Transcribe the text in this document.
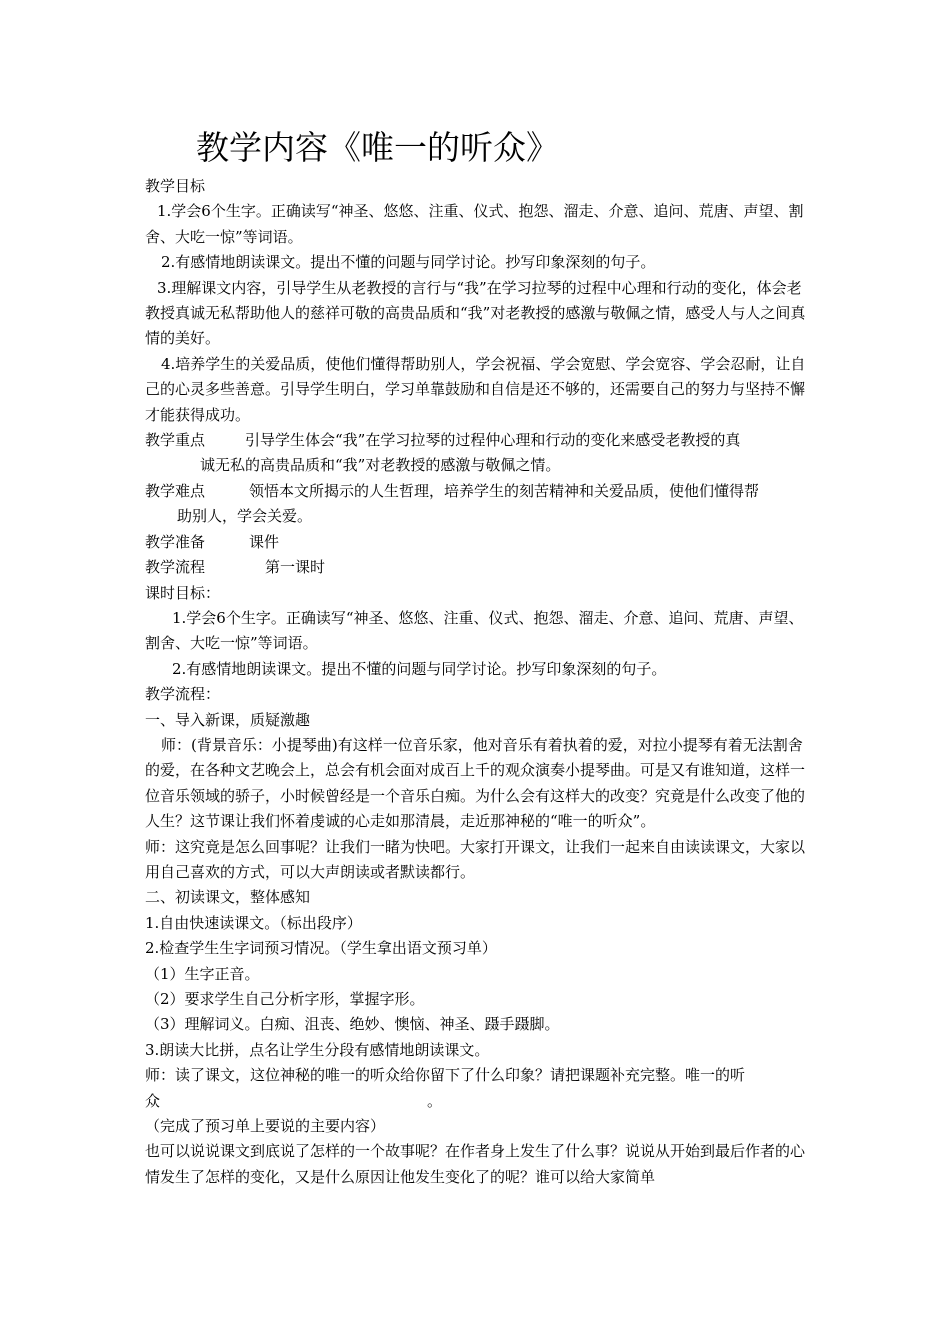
教学内容《唯一的听众》

教学目标

1.学会6个生字。正确读写“神圣、悠悠、注重、仪式、抱怨、溜走、介意、追问、荒唐、声望、割舍、大吃一惊”等词语。

2.有感情地朗读课文。提出不懂的问题与同学讨论。抄写印象深刻的句子。

3.理解课文内容，引导学生从老教授的言行与“我”在学习拉琴的过程中心理和行动的变化，体会老教授真诚无私帮助他人的慈祥可敬的高贵品质和“我”对老教授的感激与敬佩之情，感受人与人之间真情的美好。

4.培养学生的关爱品质，使他们懂得帮助别人，学会祝福、学会宽慰、学会宽容、学会忍耐，让自己的心灵多些善意。引导学生明白，学习单靠鼓励和自信是还不够的，还需要自己的努力与坚持不懈才能获得成功。

教学重点	引导学生体会“我”在学习拉琴的过程仲心理和行动的变化来感受老教授的真

诚无私的高贵品质和“我”对老教授的感激与敬佩之情。

教学难点	领悟本文所揭示的人生哲理，培养学生的刻苦精神和关爱品质，使他们懂得帮

助别人，学会关爱。

教学准备	课件

教学流程	第一课时

课时目标：

1.学会6个生字。正确读写“神圣、悠悠、注重、仪式、抱怨、溜走、介意、追问、荒唐、声望、割舍、大吃一惊”等词语。

2.有感情地朗读课文。提出不懂的问题与同学讨论。抄写印象深刻的句子。

教学流程：

一、导入新课，质疑激趣

师：(背景音乐：小提琴曲)有这样一位音乐家，他对音乐有着执着的爱，对拉小提琴有着无法割舍的爱，在各种文艺晚会上，总会有机会面对成百上千的观众演奏小提琴曲。可是又有谁知道，这样一位音乐领域的骄子，小时候曾经是一个音乐白痴。为什么会有这样大的改变？究竟是什么改变了他的人生？这节课让我们怀着虔诚的心走如那清晨，走近那神秘的“唯一的听众”。

师：这究竟是怎么回事呢？让我们一睹为快吧。大家打开课文，让我们一起来自由读读课文，大家以用自己喜欢的方式，可以大声朗读或者默读都行。

二、初读课文，整体感知

1.自由快速读课文。（标出段序）

2.检查学生生字词预习情况。（学生拿出语文预习单）

（1）生字正音。

（2）要求学生自己分析字形，掌握字形。

（3）理解词义。白痴、沮丧、绝妙、懊恼、神圣、蹑手蹑脚。

3.朗读大比拼，点名让学生分段有感情地朗读课文。

师：读了课文，这位神秘的唯一的听众给你留下了什么印象？请把课题补充完整。唯一的听

众	。

（完成了预习单上要说的主要内容）

也可以说说课文到底说了怎样的一个故事呢？在作者身上发生了什么事？说说从开始到最后作者的心情发生了怎样的变化，又是什么原因让他发生变化了的呢？谁可以给大家简单
